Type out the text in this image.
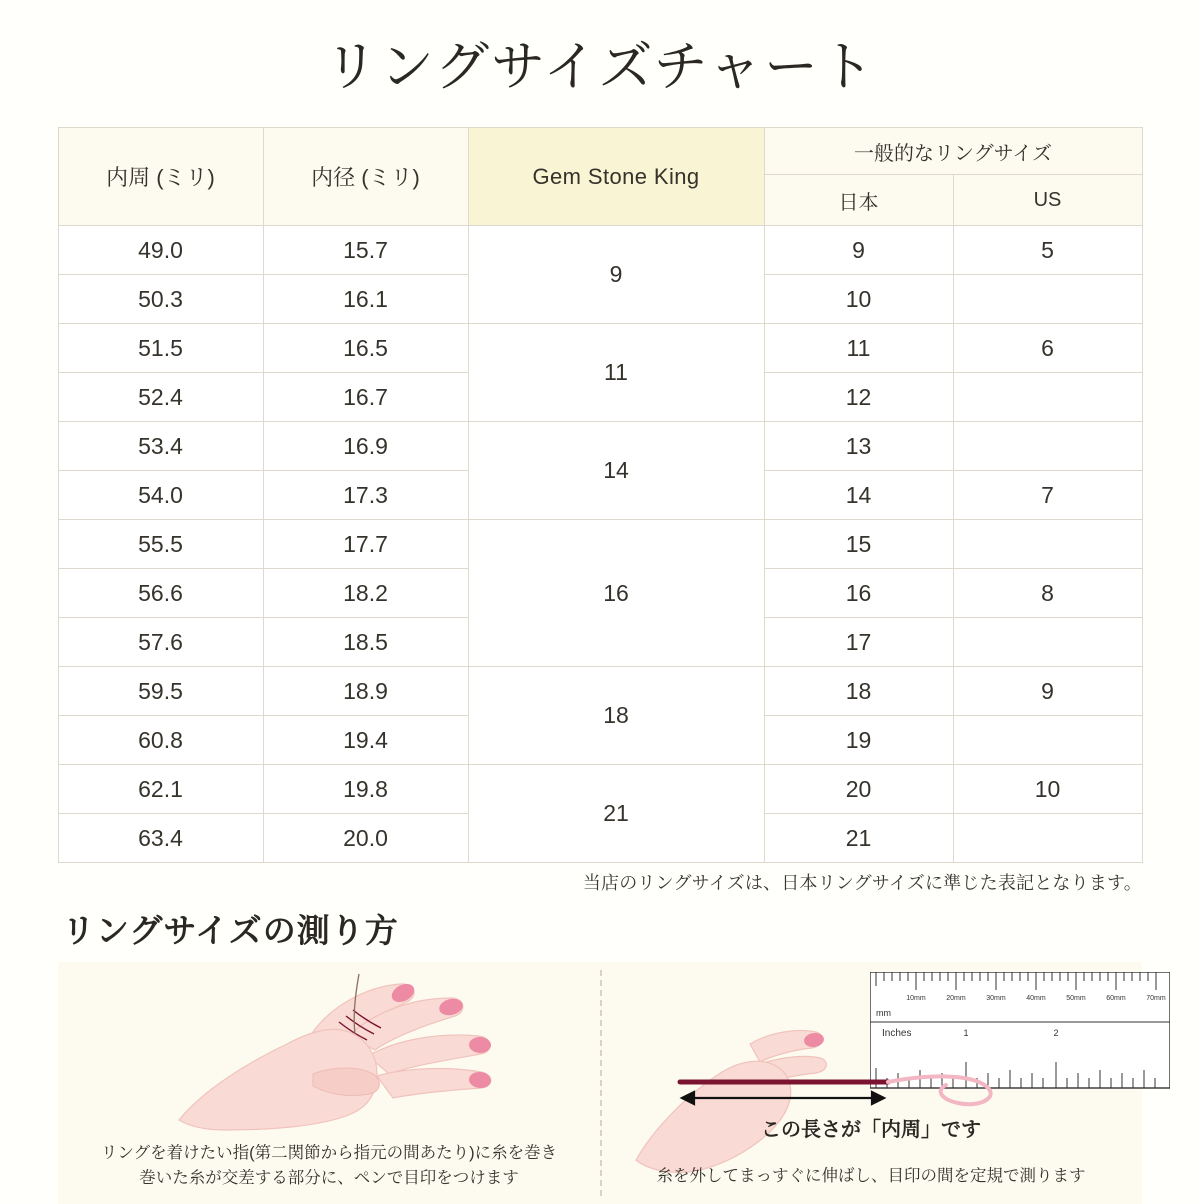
リングサイズチャート
内周 (ミリ)	内径 (ミリ)	Gem Stone King	一般的なリングサイズ	
			日本	US
49.0	15.7	9	9	5
50.3	16.1		10	
51.5	16.5	11	11	6
52.4	16.7		12	
53.4	16.9	14	13	
54.0	17.3		14	7
55.5	17.7	16	15	
56.6	18.2		16	8
57.6	18.5		17	
59.5	18.9	18	18	9
60.8	19.4		19	
62.1	19.8	21	20	10
63.4	20.0		21	
当店のリングサイズは、日本リングサイズに準じた表記となります。
リングサイズの測り方
リングを着けたい指(第二関節から指元の間あたり)に糸を巻き
巻いた糸が交差する部分に、ペンで目印をつけます
10mm	20mm	30mm	40mm	50mm	60mm	70mm
mm
Inches	1	2
この長さが「内周」です
糸を外してまっすぐに伸ばし、目印の間を定規で測ります
